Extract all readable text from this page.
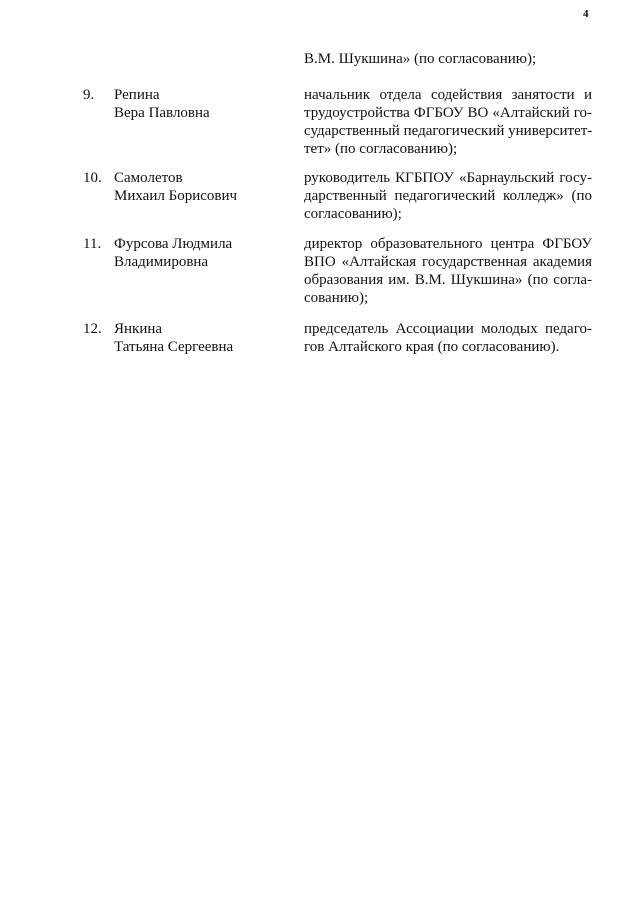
4
В.М. Шукшина» (по согласованию);
9. Репина
Вера Павловна
начальник отдела содействия занятости и
трудоустройства ФГБОУ ВО «Алтайский го-
сударственный педагогический университет-
тет» (по согласованию);
10. Самолетов
Михаил Борисович
руководитель КГБПОУ «Барнаульский госу-
дарственный педагогический колледж» (по
согласованию);
11. Фурсова Людмила
Владимировна
директор образовательного центра ФГБОУ
ВПО «Алтайская государственная академия
образования им. В.М. Шукшина» (по согла-
сованию);
12. Янкина
Татьяна Сергеевна
председатель Ассоциации молодых педаго-
гов Алтайского края (по согласованию).
